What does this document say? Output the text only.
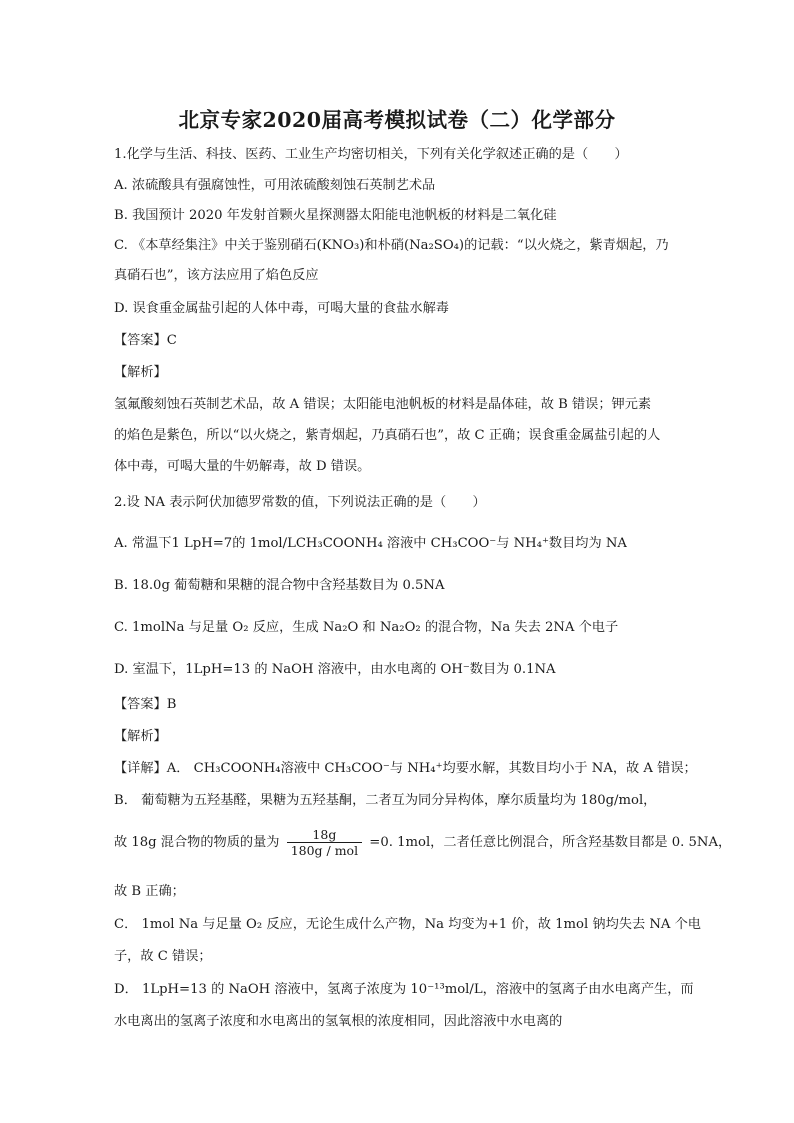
北京专家2020届高考模拟试卷（二）化学部分
1.化学与生活、科技、医药、工业生产均密切相关，下列有关化学叙述正确的是（　　）
A. 浓硫酸具有强腐蚀性，可用浓硫酸刻蚀石英制艺术品
B. 我国预计 2020 年发射首颗火星探测器太阳能电池帆板的材料是二氧化硅
C. 《本草经集注》中关于鉴别硝石(KNO₃)和朴硝(Na₂SO₄)的记载：“以火烧之，紫青烟起，乃
真硝石也”，该方法应用了焰色反应
D. 误食重金属盐引起的人体中毒，可喝大量的食盐水解毒
【答案】C
【解析】
氢氟酸刻蚀石英制艺术品，故 A 错误；太阳能电池帆板的材料是晶体硅，故 B 错误；钾元素
的焰色是紫色，所以“以火烧之，紫青烟起，乃真硝石也”，故 C 正确；误食重金属盐引起的人
体中毒，可喝大量的牛奶解毒，故 D 错误。
2.设 NA 表示阿伏加德罗常数的值，下列说法正确的是（　　）
A. 常温下1 LpH=7的 1mol/LCH₃COONH₄ 溶液中 CH₃COO⁻与 NH₄⁺数目均为 NA
B. 18.0g 葡萄糖和果糖的混合物中含羟基数目为 0.5NA
C. 1molNa 与足量 O₂ 反应，生成 Na₂O 和 Na₂O₂ 的混合物，Na 失去 2NA 个电子
D. 室温下，1LpH=13 的 NaOH 溶液中，由水电离的 OH⁻数目为 0.1NA
【答案】B
【解析】
【详解】A． CH₃COONH₄溶液中 CH₃COO⁻与 NH₄⁺均要水解，其数目均小于 NA，故 A 错误；
B． 葡萄糖为五羟基醛，果糖为五羟基酮，二者互为同分异构体，摩尔质量均为 180g/mol，
故 18g 混合物的物质的量为 $\frac{18g}{\text{180g / mol}} =0$. 1mol，二者任意比例混合，所含羟基数目都是 0. 5NA，
故 B 正确；
C． 1mol Na 与足量 O₂ 反应，无论生成什么产物，Na 均变为+1 价，故 1mol 钠均失去 NA 个电
子，故 C 错误；
D． 1LpH=13 的 NaOH 溶液中，氢离子浓度为 10⁻¹³mol/L，溶液中的氢离子由水电离产生，而
水电离出的氢离子浓度和水电离出的氢氧根的浓度相同，因此溶液中水电离的
